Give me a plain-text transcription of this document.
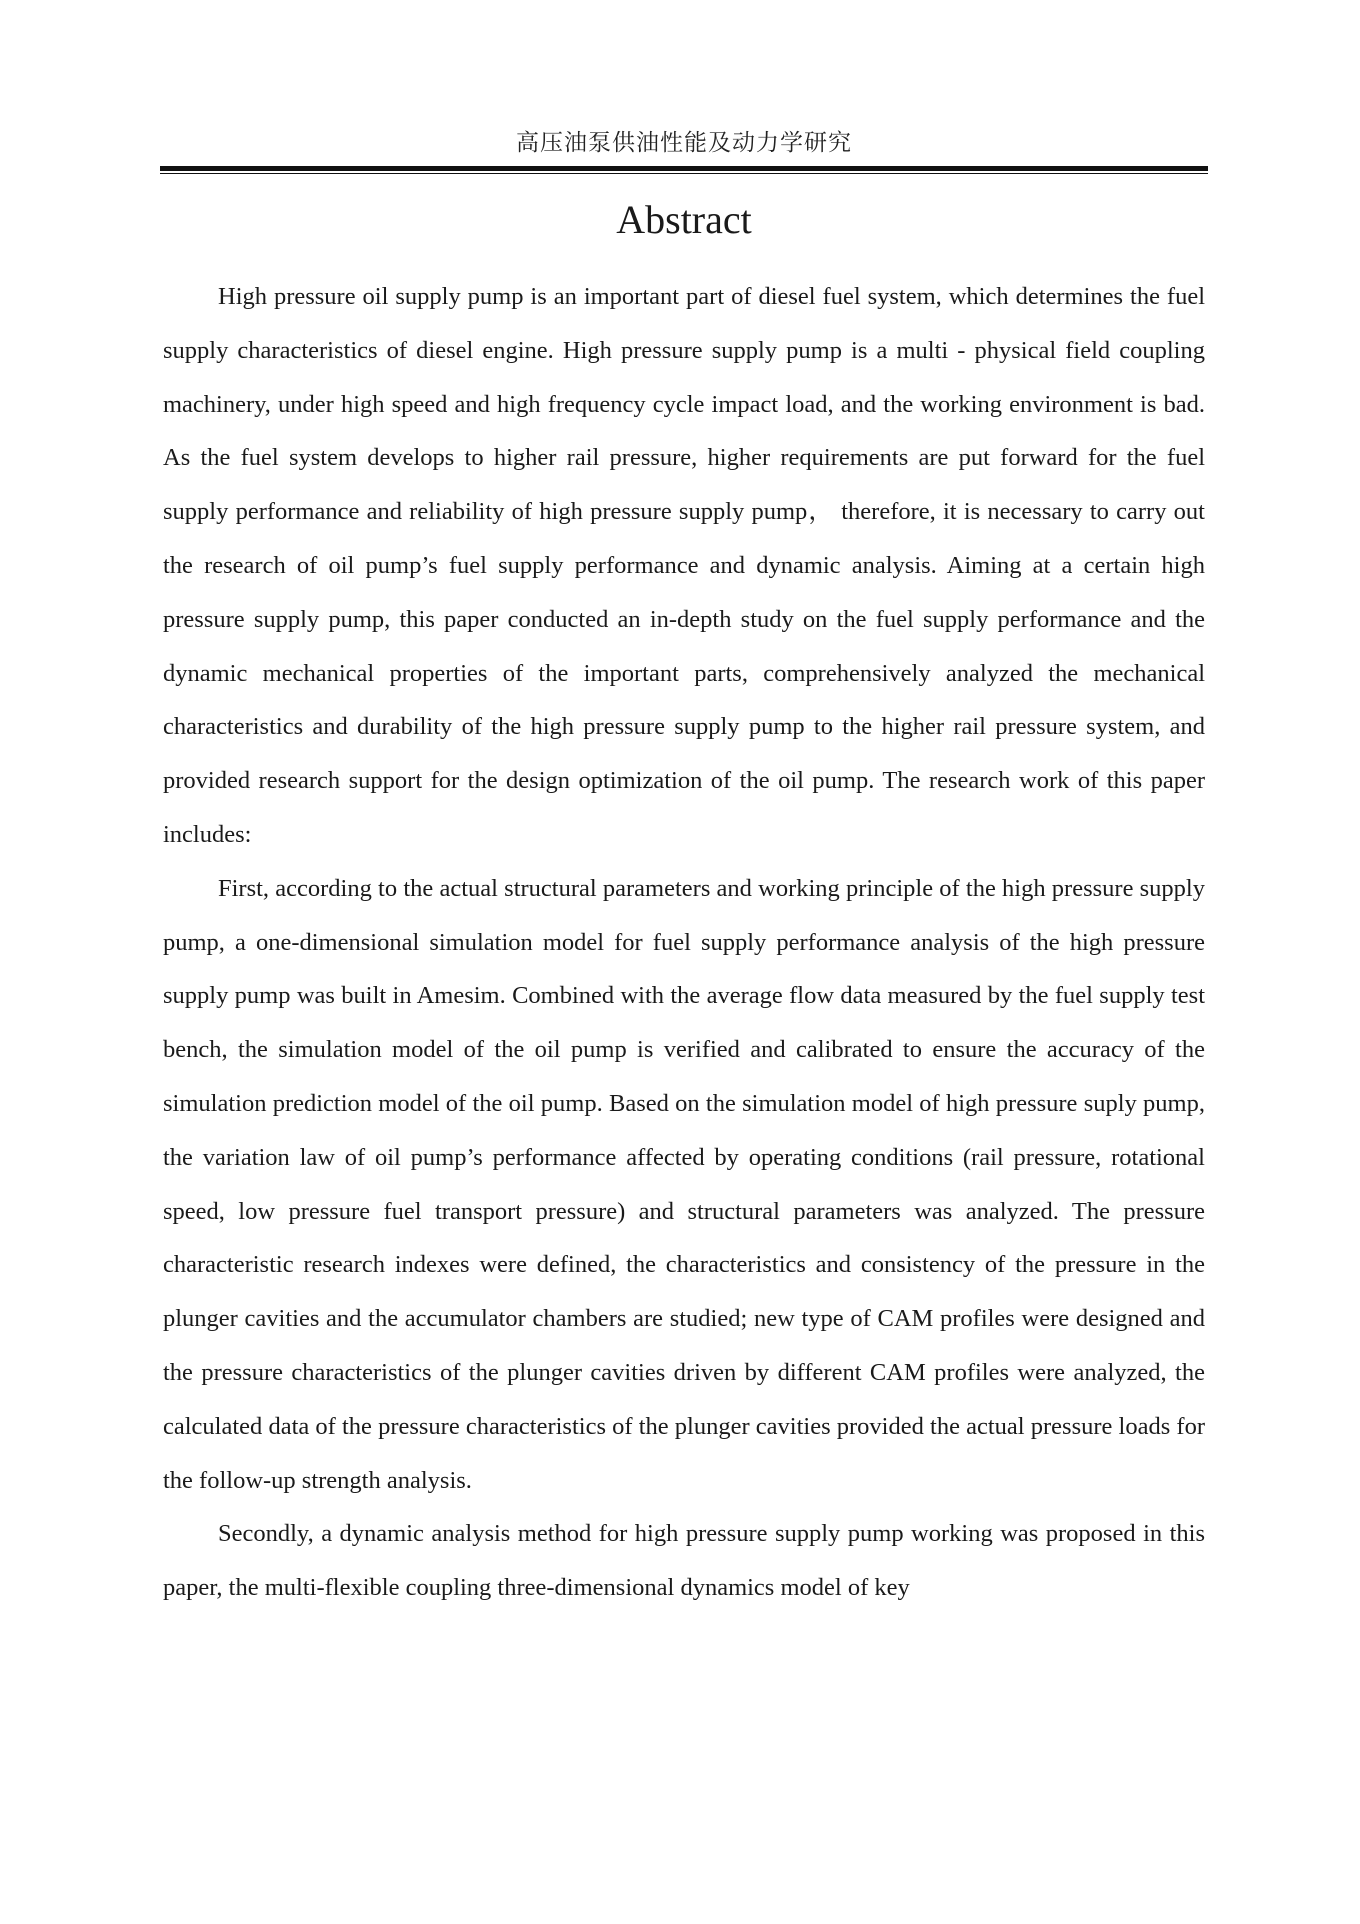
高压油泵供油性能及动力学研究
Abstract

High pressure oil supply pump is an important part of diesel fuel system, which determines the fuel supply characteristics of diesel engine. High pressure supply pump is a multi - physical field coupling machinery, under high speed and high frequency cycle impact load, and the working environment is bad. As the fuel system develops to higher rail pressure, higher requirements are put forward for the fuel supply performance and reliability of high pressure supply pump， therefore, it is necessary to carry out the research of oil pump’s fuel supply performance and dynamic analysis. Aiming at a certain high pressure supply pump, this paper conducted an in-depth study on the fuel supply performance and the dynamic mechanical properties of the important parts, comprehensively analyzed the mechanical characteristics and durability of the high pressure supply pump to the higher rail pressure system, and provided research support for the design optimization of the oil pump. The research work of this paper includes:

First, according to the actual structural parameters and working principle of the high pressure supply pump, a one-dimensional simulation model for fuel supply performance analysis of the high pressure supply pump was built in Amesim. Combined with the average flow data measured by the fuel supply test bench, the simulation model of the oil pump is verified and calibrated to ensure the accuracy of the simulation prediction model of the oil pump. Based on the simulation model of high pressure suply pump, the variation law of oil pump’s performance affected by operating conditions (rail pressure, rotational speed, low pressure fuel transport pressure) and structural parameters was analyzed. The pressure characteristic research indexes were defined, the characteristics and consistency of the pressure in the plunger cavities and the accumulator chambers are studied; new type of CAM profiles were designed and the pressure characteristics of the plunger cavities driven by different CAM profiles were analyzed, the calculated data of the pressure characteristics of the plunger cavities provided the actual pressure loads for the follow-up strength analysis.

Secondly, a dynamic analysis method for high pressure supply pump working was proposed in this paper, the multi-flexible coupling three-dimensional dynamics model of key
